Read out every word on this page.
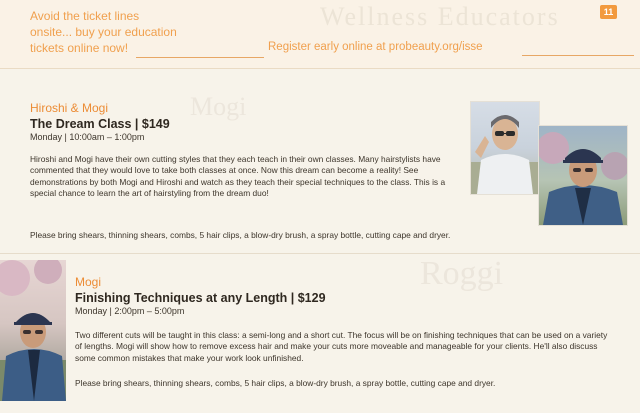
Wellness Educators
Avoid the ticket lines
onsite... buy your education
tickets online now!	Register early online at probeauty.org/isse
11
Mogi
Roggi
Hiroshi & Mogi
The Dream Class | $149
Monday | 10:00am – 1:00pm
Hiroshi and Mogi have their own cutting styles that they each teach in their own classes. Many hairstylists have commented that they would love to take both classes at once. Now this dream can become a reality! See demonstrations by both Mogi and Hiroshi and watch as they teach their special techniques to the class. This is a special chance to learn the art of hairstyling from the dream duo!
Please bring shears, thinning shears, combs, 5 hair clips, a blow-dry brush, a spray bottle, cutting cape and dryer.
Mogi
Finishing Techniques at any Length | $129
Monday | 2:00pm – 5:00pm
Two different cuts will be taught in this class: a semi-long and a short cut. The focus will be on finishing techniques that can be used on a variety of lengths. Mogi will show how to remove excess hair and make your cuts more moveable and manageable for your clients. He'll also discuss some common mistakes that make your work look unfinished.
Please bring shears, thinning shears, combs, 5 hair clips, a blow-dry brush, a spray bottle, cutting cape and dryer.
